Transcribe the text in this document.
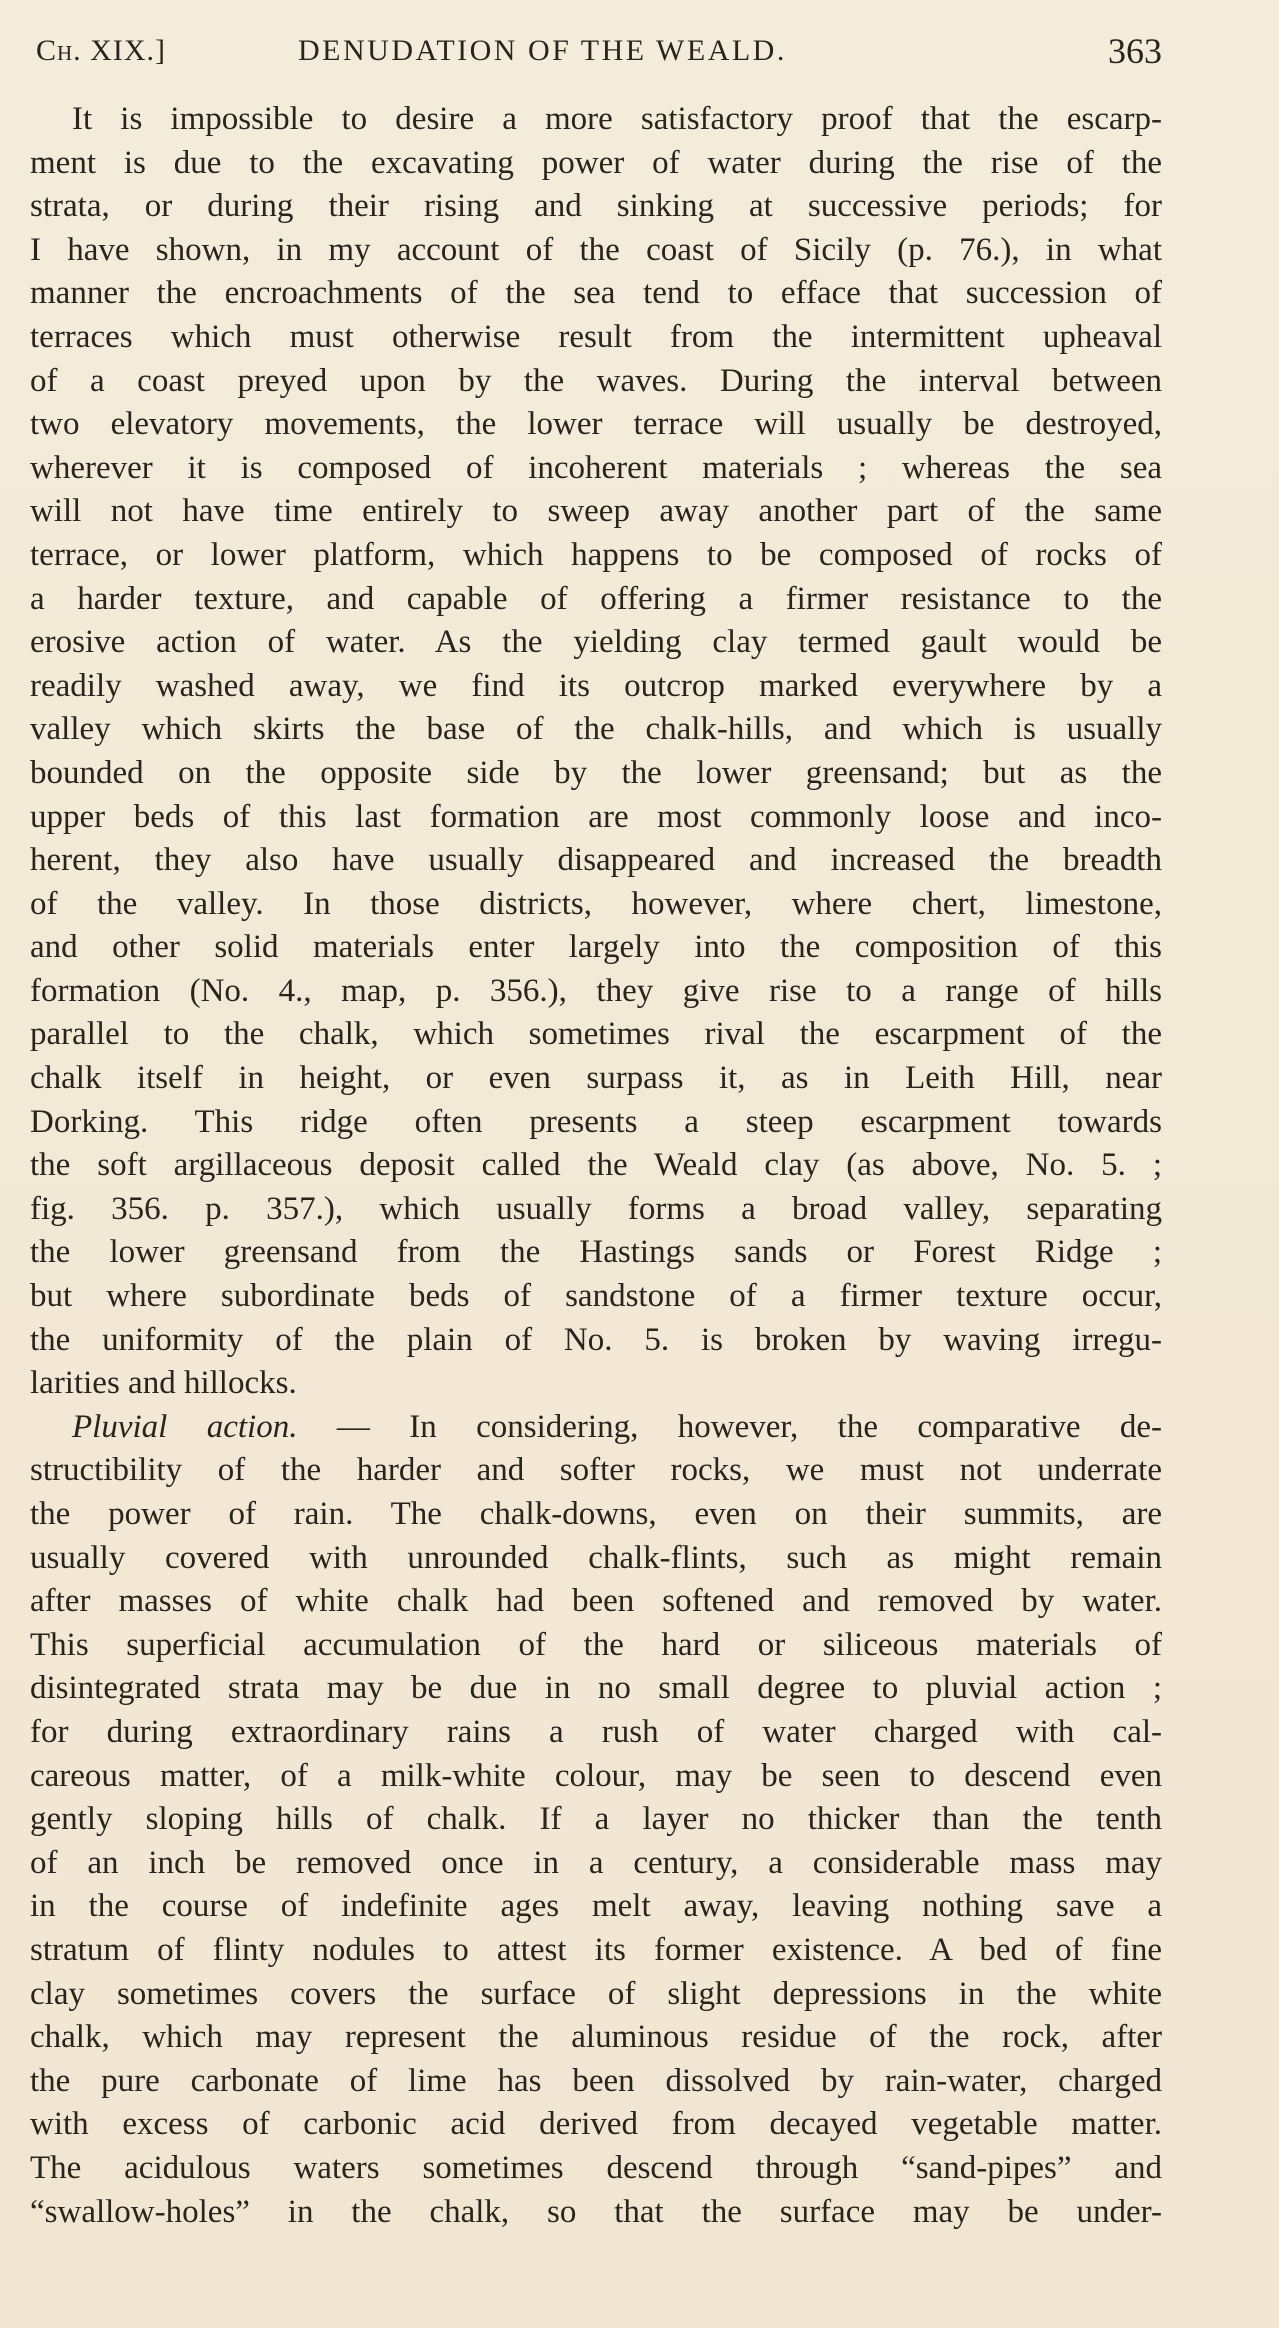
Ch. XIX.]	DENUDATION OF THE WEALD.	363
It is impossible to desire a more satisfactory proof that the escarp-
ment is due to the excavating power of water during the rise of the
strata, or during their rising and sinking at successive periods; for
I have shown, in my account of the coast of Sicily (p. 76.), in what
manner the encroachments of the sea tend to efface that succession of
terraces which must otherwise result from the intermittent upheaval
of a coast preyed upon by the waves. During the interval between
two elevatory movements, the lower terrace will usually be destroyed,
wherever it is composed of incoherent materials ; whereas the sea
will not have time entirely to sweep away another part of the same
terrace, or lower platform, which happens to be composed of rocks of
a harder texture, and capable of offering a firmer resistance to the
erosive action of water. As the yielding clay termed gault would be
readily washed away, we find its outcrop marked everywhere by a
valley which skirts the base of the chalk-hills, and which is usually
bounded on the opposite side by the lower greensand; but as the
upper beds of this last formation are most commonly loose and inco-
herent, they also have usually disappeared and increased the breadth
of the valley. In those districts, however, where chert, limestone,
and other solid materials enter largely into the composition of this
formation (No. 4., map, p. 356.), they give rise to a range of hills
parallel to the chalk, which sometimes rival the escarpment of the
chalk itself in height, or even surpass it, as in Leith Hill, near
Dorking. This ridge often presents a steep escarpment towards
the soft argillaceous deposit called the Weald clay (as above, No. 5. ;
fig. 356. p. 357.), which usually forms a broad valley, separating
the lower greensand from the Hastings sands or Forest Ridge ;
but where subordinate beds of sandstone of a firmer texture occur,
the uniformity of the plain of No. 5. is broken by waving irregu-
larities and hillocks.
Pluvial action. — In considering, however, the comparative de-
structibility of the harder and softer rocks, we must not underrate
the power of rain. The chalk-downs, even on their summits, are
usually covered with unrounded chalk-flints, such as might remain
after masses of white chalk had been softened and removed by water.
This superficial accumulation of the hard or siliceous materials of
disintegrated strata may be due in no small degree to pluvial action ;
for during extraordinary rains a rush of water charged with cal-
careous matter, of a milk-white colour, may be seen to descend even
gently sloping hills of chalk. If a layer no thicker than the tenth
of an inch be removed once in a century, a considerable mass may
in the course of indefinite ages melt away, leaving nothing save a
stratum of flinty nodules to attest its former existence. A bed of fine
clay sometimes covers the surface of slight depressions in the white
chalk, which may represent the aluminous residue of the rock, after
the pure carbonate of lime has been dissolved by rain-water, charged
with excess of carbonic acid derived from decayed vegetable matter.
The acidulous waters sometimes descend through “sand-pipes” and
“swallow-holes” in the chalk, so that the surface may be under-
